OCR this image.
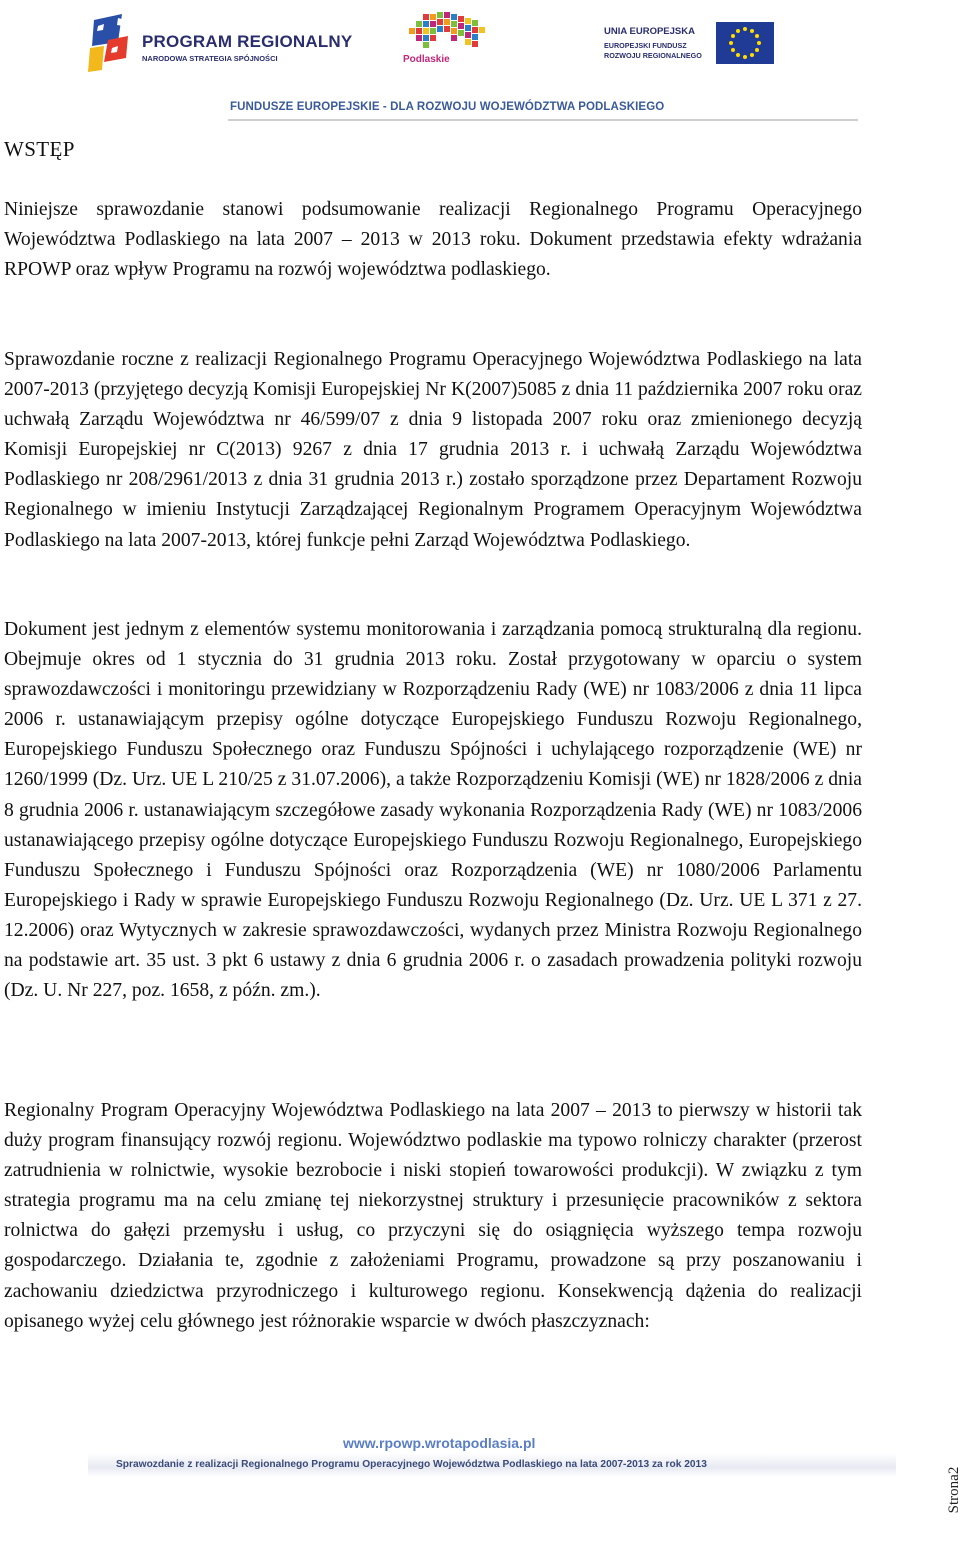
PROGRAM REGIONALNY
NARODOWA STRATEGIA SPÓJNOŚCI	Podlaskie
UNIA EUROPEJSKA
EUROPEJSKI FUNDUSZ
ROZWOJU REGIONALNEGO
FUNDUSZE EUROPEJSKIE - DLA ROZWOJU WOJEWÓDZTWA PODLASKIEGO
WSTĘP

Niniejsze sprawozdanie stanowi podsumowanie realizacji Regionalnego Programu Operacyjnego Województwa Podlaskiego na lata 2007 – 2013 w 2013 roku. Dokument przedstawia efekty wdrażania RPOWP oraz wpływ Programu na rozwój województwa podlaskiego.

Sprawozdanie roczne z realizacji Regionalnego Programu Operacyjnego Województwa Podlaskiego na lata 2007-2013 (przyjętego decyzją Komisji Europejskiej Nr K(2007)5085 z dnia 11 października 2007 roku oraz uchwałą Zarządu Województwa nr 46/599/07 z dnia 9 listopada 2007 roku oraz zmienionego decyzją Komisji Europejskiej nr C(2013) 9267 z dnia 17 grudnia 2013 r. i uchwałą Zarządu Województwa Podlaskiego nr 208/2961/2013 z dnia 31 grudnia 2013 r.) zostało sporządzone przez Departament Rozwoju Regionalnego w imieniu Instytucji Zarządzającej Regionalnym Programem Operacyjnym Województwa Podlaskiego na lata 2007-2013, której funkcje pełni Zarząd Województwa Podlaskiego.

Dokument jest jednym z elementów systemu monitorowania i zarządzania pomocą strukturalną dla regionu. Obejmuje okres od 1 stycznia do 31 grudnia 2013 roku. Został przygotowany w oparciu o system sprawozdawczości i monitoringu przewidziany w Rozporządzeniu Rady (WE) nr 1083/2006 z dnia 11 lipca 2006 r. ustanawiającym przepisy ogólne dotyczące Europejskiego Funduszu Rozwoju Regionalnego, Europejskiego Funduszu Społecznego oraz Funduszu Spójności i uchylającego rozporządzenie (WE) nr 1260/1999 (Dz. Urz. UE L 210/25 z 31.07.2006), a także Rozporządzeniu Komisji (WE) nr 1828/2006 z dnia 8 grudnia 2006 r. ustanawiającym szczegółowe zasady wykonania Rozporządzenia Rady (WE) nr 1083/2006 ustanawiającego przepisy ogólne dotyczące Europejskiego Funduszu Rozwoju Regionalnego, Europejskiego Funduszu Społecznego i Funduszu Spójności oraz Rozporządzenia (WE) nr 1080/2006 Parlamentu Europejskiego i Rady w sprawie Europejskiego Funduszu Rozwoju Regionalnego (Dz. Urz. UE L 371 z 27. 12.2006) oraz Wytycznych w zakresie sprawozdawczości, wydanych przez Ministra Rozwoju Regionalnego na podstawie art. 35 ust. 3 pkt 6 ustawy z dnia 6 grudnia 2006 r. o zasadach prowadzenia polityki rozwoju (Dz. U. Nr 227, poz. 1658, z późn. zm.).

Regionalny Program Operacyjny Województwa Podlaskiego na lata 2007 – 2013 to pierwszy w historii tak duży program finansujący rozwój regionu. Województwo podlaskie ma typowo rolniczy charakter (przerost zatrudnienia w rolnictwie, wysokie bezrobocie i niski stopień towarowości produkcji). W związku z tym strategia programu ma na celu zmianę tej niekorzystnej struktury i przesunięcie pracowników z sektora rolnictwa do gałęzi przemysłu i usług, co przyczyni się do osiągnięcia wyższego tempa rozwoju gospodarczego. Działania te, zgodnie z założeniami Programu, prowadzone są przy poszanowaniu i zachowaniu dziedzictwa przyrodniczego i kulturowego regionu. Konsekwencją dążenia do realizacji opisanego wyżej celu głównego jest różnorakie wsparcie w dwóch płaszczyznach:

www.rpowp.wrotapodlasia.pl
Sprawozdanie z realizacji Regionalnego Programu Operacyjnego Województwa Podlaskiego na lata 2007-2013 za rok 2013
Strona2
